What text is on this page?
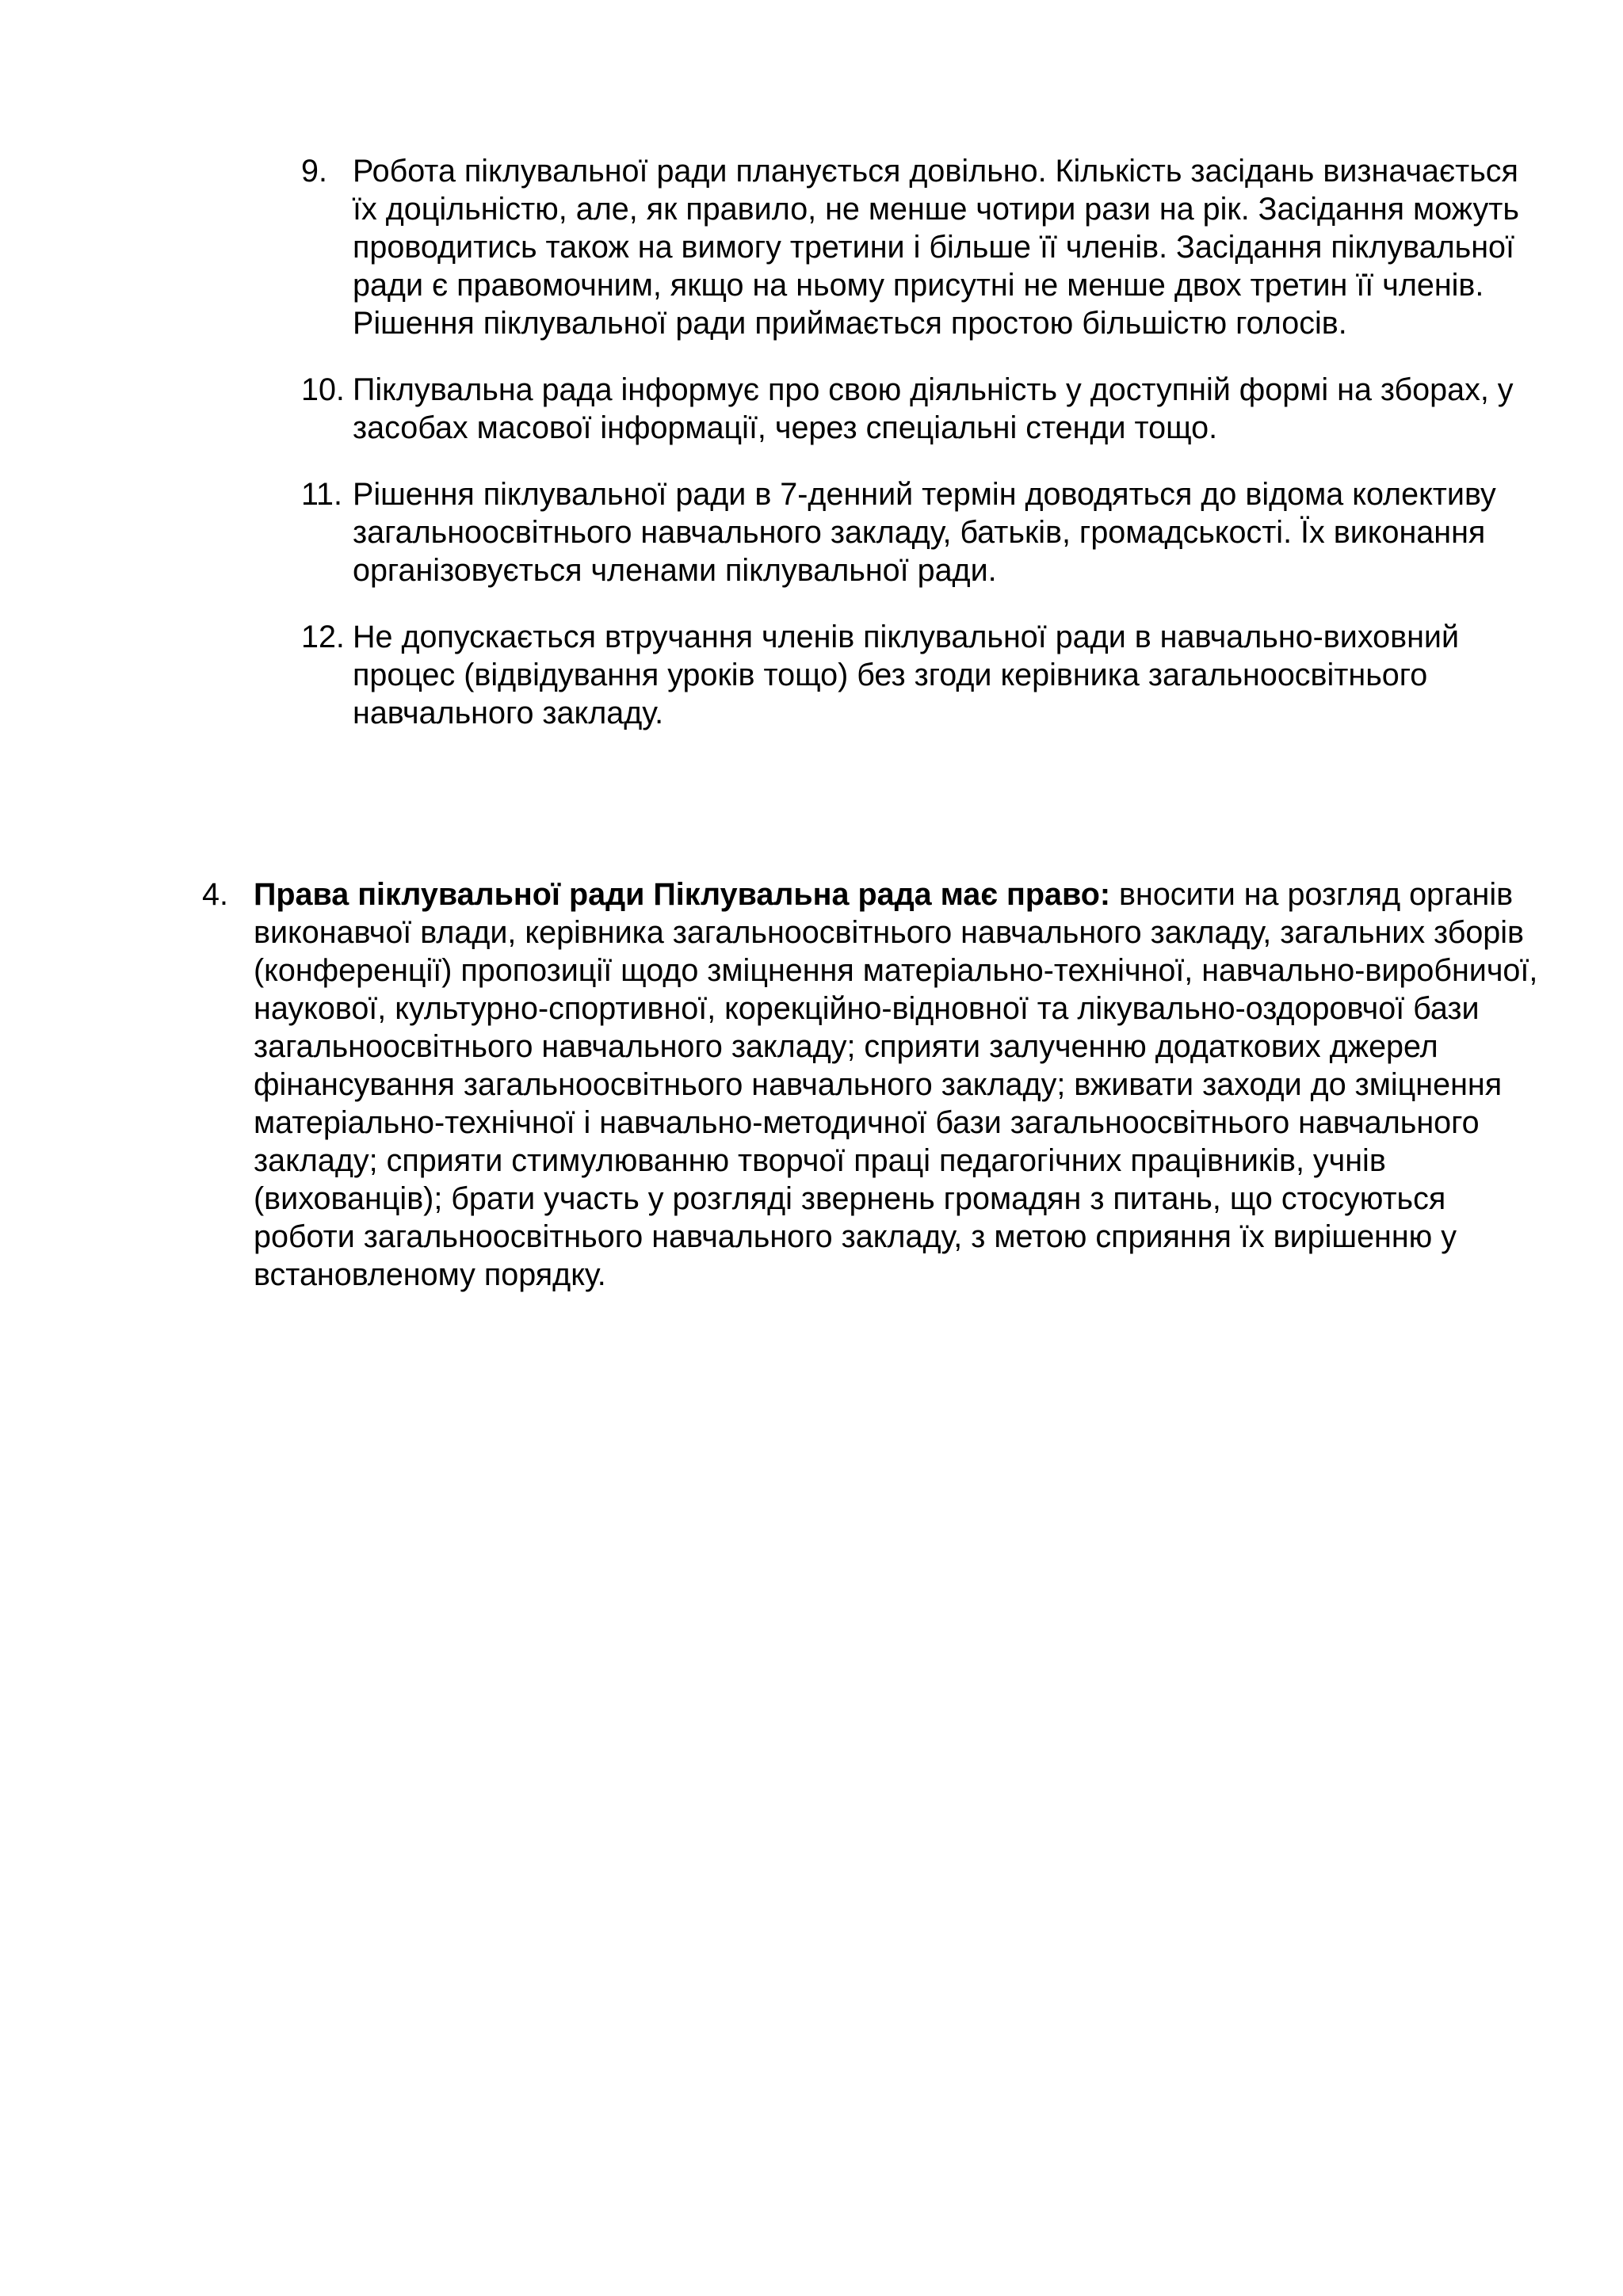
9. Робота піклувальної ради планується довільно. Кількість засідань визначається їх доцільністю, але, як правило, не менше чотири рази на рік. Засідання можуть проводитись також на вимогу третини і більше її членів. Засідання піклувальної ради є правомочним, якщо на ньому присутні не менше двох третин її членів. Рішення піклувальної ради приймається простою більшістю голосів.
10. Піклувальна рада інформує про свою діяльність у доступній формі на зборах, у засобах масової інформації, через спеціальні стенди тощо.
11. Рішення піклувальної ради в 7-денний термін доводяться до відома колективу загальноосвітнього навчального закладу, батьків, громадськості. Їх виконання організовується членами піклувальної ради.
12. Не допускається втручання членів піклувальної ради в навчально-виховний процес (відвідування уроків тощо) без згоди керівника загальноосвітнього навчального закладу.
4. Права піклувальної ради Піклувальна рада має право: вносити на розгляд органів виконавчої влади, керівника загальноосвітнього навчального закладу, загальних зборів (конференції) пропозиції щодо зміцнення матеріально-технічної, навчально-виробничої, наукової, культурно-спортивної, корекційно-відновної та лікувально-оздоровчої бази загальноосвітнього навчального закладу; сприяти залученню додаткових джерел фінансування загальноосвітнього навчального закладу; вживати заходи до зміцнення матеріально-технічної і навчально-методичної бази загальноосвітнього навчального закладу; сприяти стимулюванню творчої праці педагогічних працівників, учнів (вихованців); брати участь у розгляді звернень громадян з питань, що стосуються роботи загальноосвітнього навчального закладу, з метою сприяння їх вирішенню у встановленому порядку.
